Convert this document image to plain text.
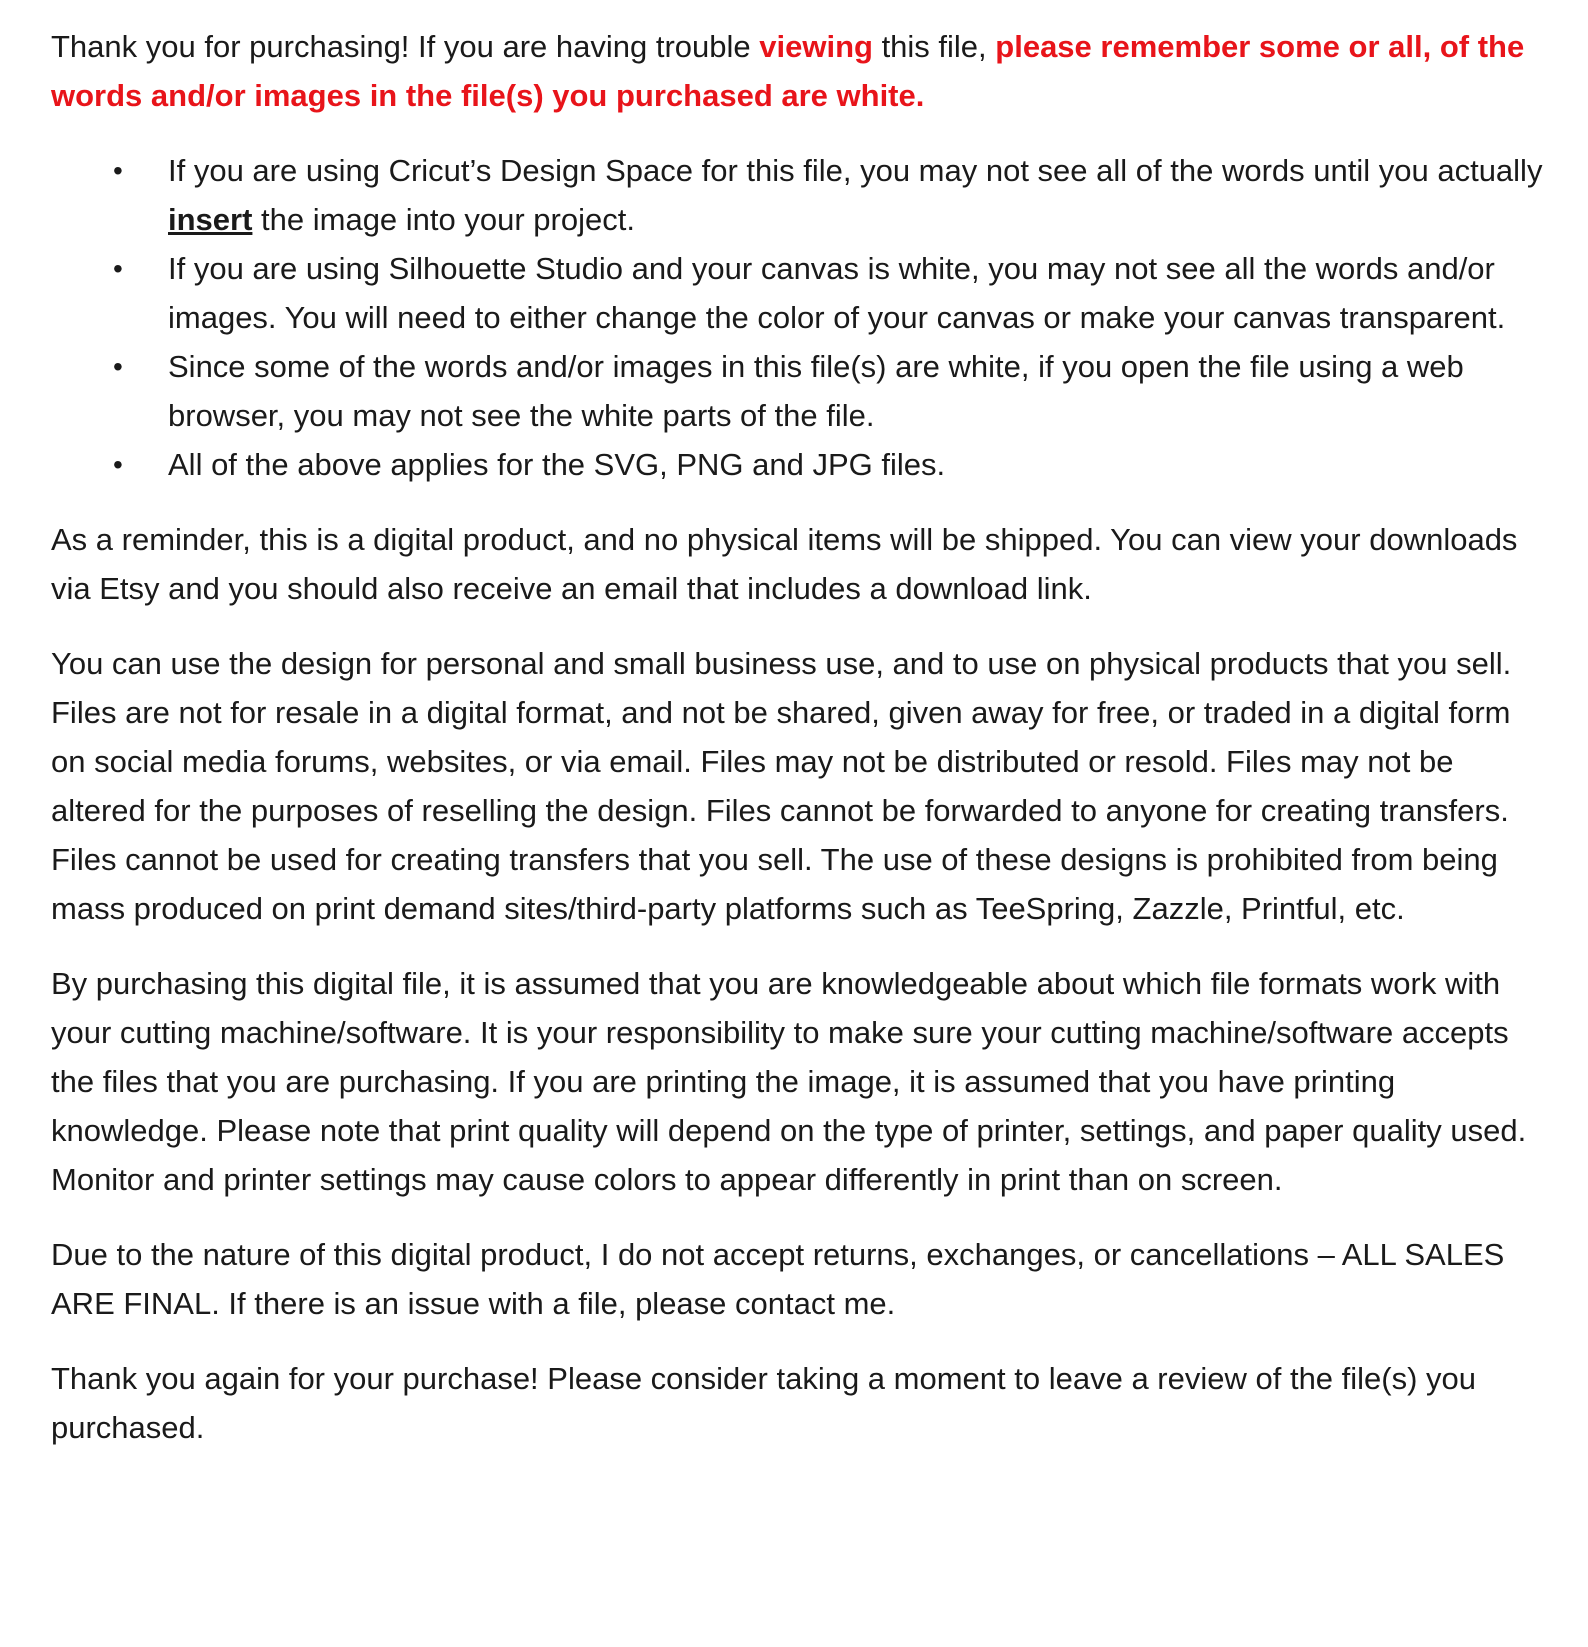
Thank you for purchasing! If you are having trouble viewing this file, please remember some or all, of the words and/or images in the file(s) you purchased are white.

• If you are using Cricut’s Design Space for this file, you may not see all of the words until you actually insert the image into your project.
• If you are using Silhouette Studio and your canvas is white, you may not see all the words and/or images. You will need to either change the color of your canvas or make your canvas transparent.
• Since some of the words and/or images in this file(s) are white, if you open the file using a web browser, you may not see the white parts of the file.
• All of the above applies for the SVG, PNG and JPG files.

As a reminder, this is a digital product, and no physical items will be shipped. You can view your downloads via Etsy and you should also receive an email that includes a download link.

You can use the design for personal and small business use, and to use on physical products that you sell. Files are not for resale in a digital format, and not be shared, given away for free, or traded in a digital form on social media forums, websites, or via email. Files may not be distributed or resold. Files may not be altered for the purposes of reselling the design. Files cannot be forwarded to anyone for creating transfers. Files cannot be used for creating transfers that you sell. The use of these designs is prohibited from being mass produced on print demand sites/third-party platforms such as TeeSpring, Zazzle, Printful, etc.

By purchasing this digital file, it is assumed that you are knowledgeable about which file formats work with your cutting machine/software. It is your responsibility to make sure your cutting machine/software accepts the files that you are purchasing. If you are printing the image, it is assumed that you have printing knowledge. Please note that print quality will depend on the type of printer, settings, and paper quality used. Monitor and printer settings may cause colors to appear differently in print than on screen.

Due to the nature of this digital product, I do not accept returns, exchanges, or cancellations – ALL SALES ARE FINAL. If there is an issue with a file, please contact me.

Thank you again for your purchase! Please consider taking a moment to leave a review of the file(s) you purchased.
